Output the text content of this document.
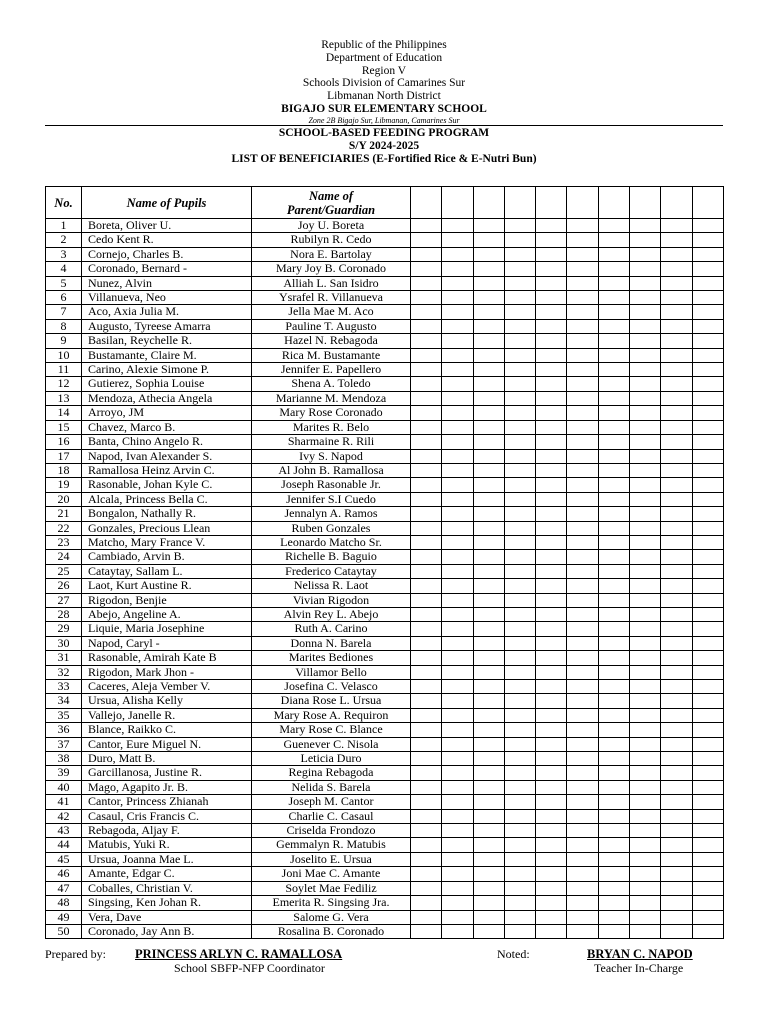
Republic of the Philippines
Department of Education
Region V
Schools Division of Camarines Sur
Libmanan North District
BIGAJO SUR ELEMENTARY SCHOOL
Zone 2B Bigajo Sur, Libmanan, Camarines Sur
SCHOOL-BASED FEEDING PROGRAM
S/Y 2024-2025
LIST OF BENEFICIARIES (E-Fortified Rice & E-Nutri Bun)
No.	Name of Pupils	Name of
Parent/Guardian										

1	Boreta, Oliver U.	Joy U. Boreta										
2	Cedo Kent R.	Rubilyn R. Cedo										
3	Cornejo, Charles B.	Nora E. Bartolay										
4	Coronado, Bernard -	Mary Joy B. Coronado										
5	Nunez, Alvin	Alliah L. San Isidro										
6	Villanueva, Neo	Ysrafel R. Villanueva										
7	Aco, Axia Julia M.	Jella Mae M. Aco										
8	Augusto, Tyreese Amarra	Pauline T. Augusto										
9	Basilan, Reychelle R.	Hazel N. Rebagoda										
10	Bustamante, Claire M.	Rica M. Bustamante										
11	Carino, Alexie Simone P.	Jennifer E. Papellero										
12	Gutierez, Sophia Louise	Shena A. Toledo										
13	Mendoza, Athecia Angela	Marianne M. Mendoza										
14	Arroyo, JM	Mary Rose Coronado										
15	Chavez, Marco B.	Marites R. Belo										
16	Banta, Chino Angelo R.	Sharmaine R. Rili										
17	Napod, Ivan Alexander S.	Ivy S. Napod										
18	Ramallosa Heinz Arvin C.	Al John B. Ramallosa										
19	Rasonable, Johan Kyle C.	Joseph Rasonable Jr.										
20	Alcala, Princess Bella C.	Jennifer S.I Cuedo										
21	Bongalon, Nathally R.	Jennalyn A. Ramos										
22	Gonzales, Precious Llean	Ruben Gonzales										
23	Matcho, Mary France V.	Leonardo Matcho Sr.										
24	Cambiado, Arvin B.	Richelle B. Baguio										
25	Cataytay, Sallam L.	Frederico Cataytay										
26	Laot, Kurt Austine R.	Nelissa R. Laot										
27	Rigodon, Benjie	Vivian Rigodon										
28	Abejo, Angeline A.	Alvin Rey L. Abejo										
29	Liquie, Maria Josephine	Ruth A. Carino										
30	Napod, Caryl -	Donna N. Barela										
31	Rasonable, Amirah Kate B	Marites Bediones										
32	Rigodon, Mark Jhon -	Villamor Bello										
33	Caceres, Aleja Vember V.	Josefina C. Velasco										
34	Ursua, Alisha Kelly	Diana Rose L. Ursua										
35	Vallejo, Janelle R.	Mary Rose A. Requiron										
36	Blance, Raikko C.	Mary Rose C. Blance										
37	Cantor, Eure Miguel N.	Guenever C. Nisola										
38	Duro, Matt B.	Leticia Duro										
39	Garcillanosa, Justine R.	Regina Rebagoda										
40	Mago, Agapito Jr. B.	Nelida S. Barela										
41	Cantor, Princess Zhianah	Joseph M. Cantor										
42	Casaul, Cris Francis C.	Charlie C. Casaul										
43	Rebagoda, Aljay F.	Criselda Frondozo										
44	Matubis, Yuki R.	Gemmalyn R. Matubis										
45	Ursua, Joanna Mae L.	Joselito E. Ursua										
46	Amante, Edgar C.	Joni Mae C. Amante										
47	Coballes, Christian V.	Soylet Mae Fediliz										
48	Singsing, Ken Johan R.	Emerita R. Singsing Jra.										
49	Vera, Dave	Salome G. Vera										
50	Coronado, Jay Ann B.	Rosalina B. Coronado										
Prepared by: PRINCESS ARLYN C. RAMALLOSA
School SBFP-NFP Coordinator
Noted:	BRYAN C. NAPOD
Teacher In-Charge
